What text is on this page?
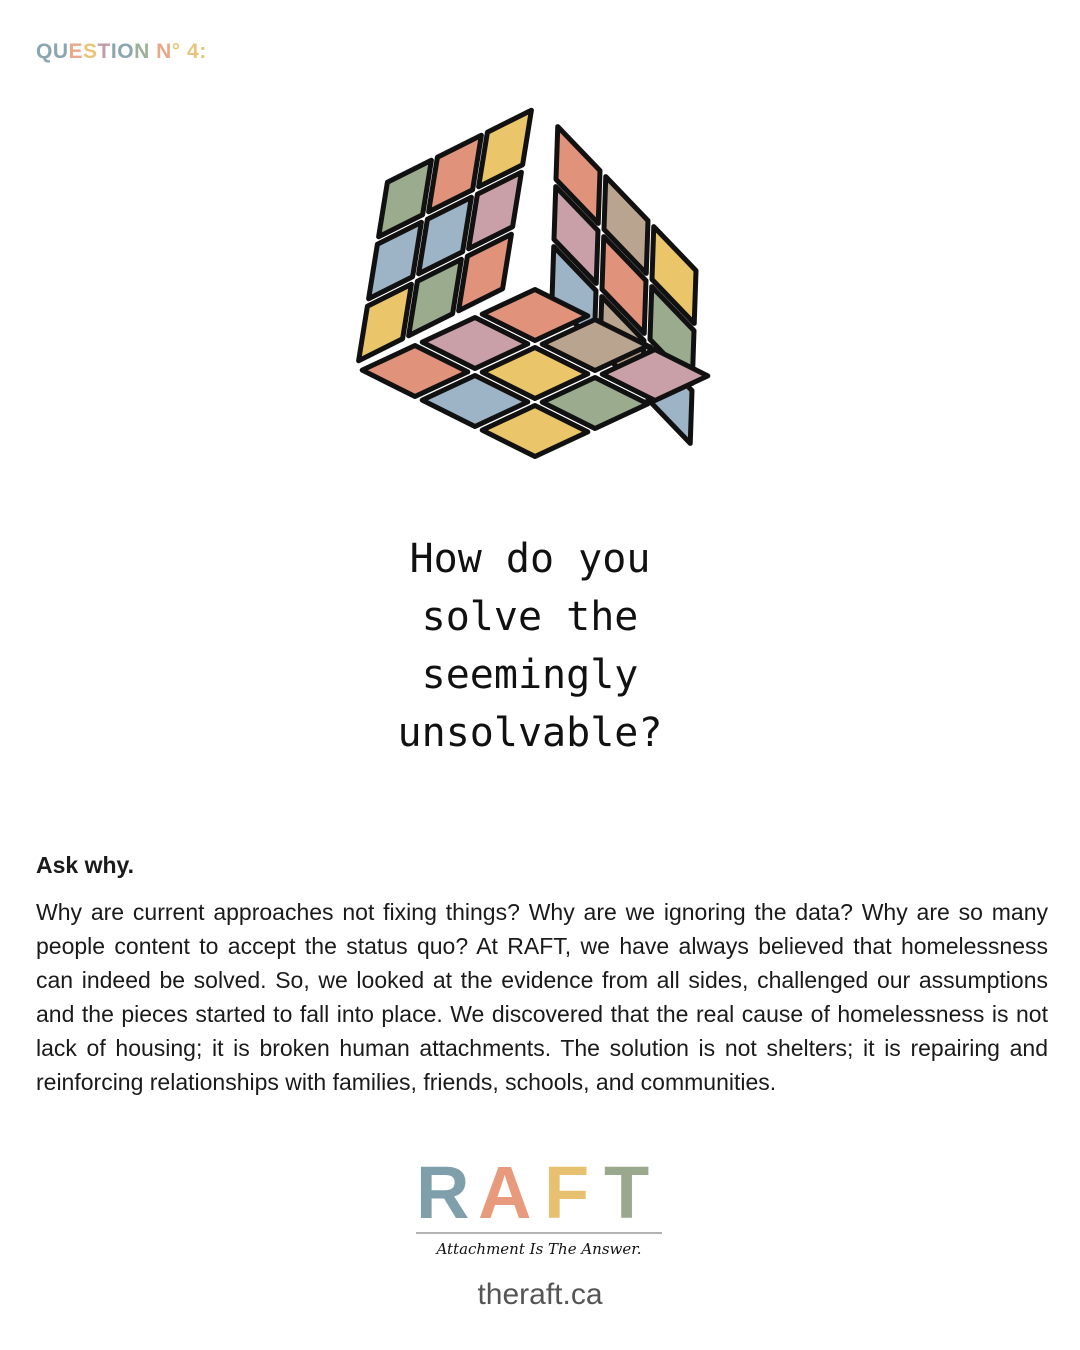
QUESTION N° 4:
How do you
solve the
seemingly
unsolvable?
Ask why.
Why are current approaches not fixing things? Why are we ignoring the data? Why are so many people content to accept the status quo? At RAFT, we have always believed that homelessness can indeed be solved. So, we looked at the evidence from all sides, challenged our assumptions and the pieces started to fall into place. We discovered that the real cause of homelessness is not lack of housing; it is broken human attachments. The solution is not shelters; it is repairing and reinforcing relationships with families, friends, schools, and communities.
R A F T
Attachment Is The Answer.
theraft.ca
